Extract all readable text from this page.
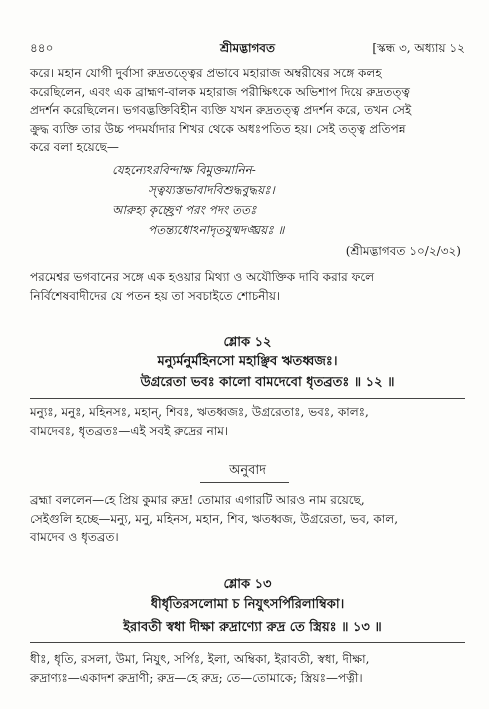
৪৪০	শ্রীমদ্ভাগবত	[স্কন্ধ ৩, অধ্যায় ১২
করে। মহান যোগী দুর্বাসা রুদ্রতত্ত্বের প্রভাবে মহারাজ অম্বরীষের সঙ্গে কলহ
করেছিলেন, এবং এক ব্রাহ্মণ-বালক মহারাজ পরীক্ষিৎকে অভিশাপ দিয়ে রুদ্রতত্ত্ব
প্রদর্শন করেছিলেন। ভগবদ্ভক্তিবিহীন ব্যক্তি যখন রুদ্রতত্ত্ব প্রদর্শন করে, তখন সেই
ক্রুদ্ধ ব্যক্তি তার উচ্চ পদমর্যাদার শিখর থেকে অধঃপতিত হয়। সেই তত্ত্ব প্রতিপন্ন
করে বলা হয়েছে—
যেহন্যেঽরবিন্দাক্ষ বিমুক্তমানিন-
স্ত্বয্যস্তভাবাদবিশুদ্ধবুদ্ধয়ঃ।
আরুহ্য কৃচ্ছ্রেণ পরং পদং ততঃ
পতন্ত্যধোঽনাদৃতযুষ্মদঙ্ঘ্রয়ঃ ॥
(শ্রীমদ্ভাগবত ১০/২/৩২)
পরমেশ্বর ভগবানের সঙ্গে এক হওয়ার মিথ্যা ও অযৌক্তিক দাবি করার ফলে
নির্বিশেষবাদীদের যে পতন হয় তা সবচাইতে শোচনীয়।
শ্লোক ১২
মন্যুর্মনুর্মহিনসো মহাঞ্ছিব ঋতধ্বজঃ।
উগ্ররেতা ভবঃ কালো বামদেবো ধৃতব্রতঃ ॥ ১২ ॥
মন্যুঃ, মনুঃ, মহিনসঃ, মহান্, শিবঃ, ঋতধ্বজঃ, উগ্ররেতাঃ, ভবঃ, কালঃ,
বামদেবঃ, ধৃতব্রতঃ—এই সবই রুদ্রের নাম।
অনুবাদ
ব্রহ্মা বললেন—হে প্রিয় কুমার রুদ্র! তোমার এগারটি আরও নাম রয়েছে,
সেইগুলি হচ্ছে—মন্যু, মনু, মহিনস, মহান, শিব, ঋতধ্বজ, উগ্ররেতা, ভব, কাল,
বামদেব ও ধৃতব্রত।
শ্লোক ১৩
ধীর্ধৃতিরসলোমা চ নিযুৎসর্পিরিলাম্বিকা।
ইরাবতী স্বধা দীক্ষা রুদ্রাণ্যো রুদ্র তে স্ত্রিয়ঃ ॥ ১৩ ॥
ধীঃ, ধৃতি, রসলা, উমা, নিযুৎ, সর্পিঃ, ইলা, অম্বিকা, ইরাবতী, স্বধা, দীক্ষা,
রুদ্রাণ্যঃ—একাদশ রুদ্রাণী; রুদ্র—হে রুদ্র; তে—তোমাকে; স্ত্রিয়ঃ—পত্নী।
